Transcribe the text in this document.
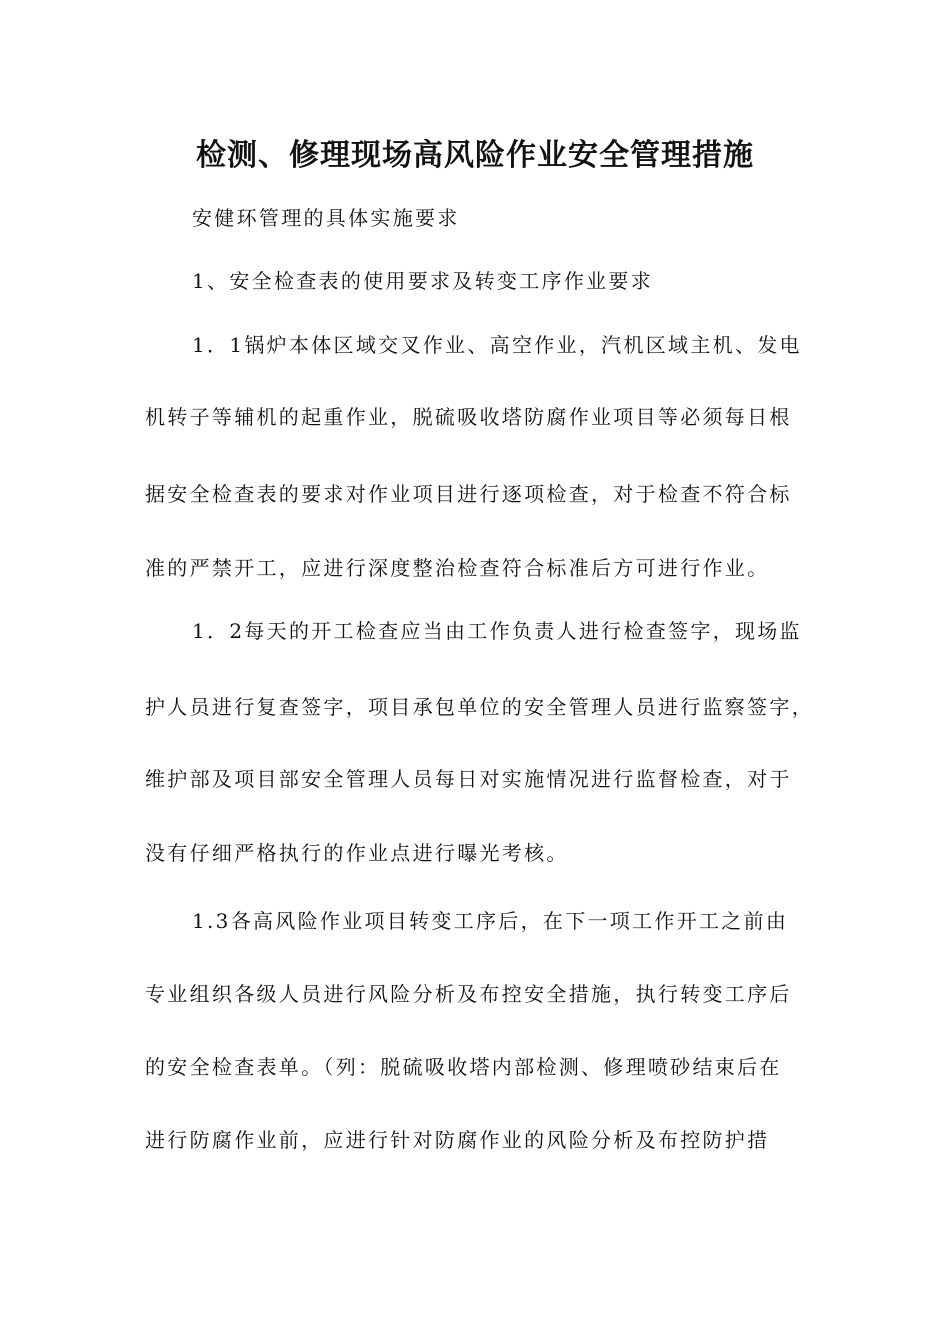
检测、修理现场高风险作业安全管理措施
安健环管理的具体实施要求
1、安全检查表的使用要求及转变工序作业要求
1．1锅炉本体区域交叉作业、高空作业，汽机区域主机、发电
机转子等辅机的起重作业，脱硫吸收塔防腐作业项目等必须每日根
据安全检查表的要求对作业项目进行逐项检查，对于检查不符合标
准的严禁开工，应进行深度整治检查符合标准后方可进行作业。
1．2每天的开工检查应当由工作负责人进行检查签字，现场监
护人员进行复查签字，项目承包单位的安全管理人员进行监察签字，
维护部及项目部安全管理人员每日对实施情况进行监督检查，对于
没有仔细严格执行的作业点进行曝光考核。
1.3各高风险作业项目转变工序后，在下一项工作开工之前由
专业组织各级人员进行风险分析及布控安全措施，执行转变工序后
的安全检查表单。（列：脱硫吸收塔内部检测、修理喷砂结束后在
进行防腐作业前，应进行针对防腐作业的风险分析及布控防护措
